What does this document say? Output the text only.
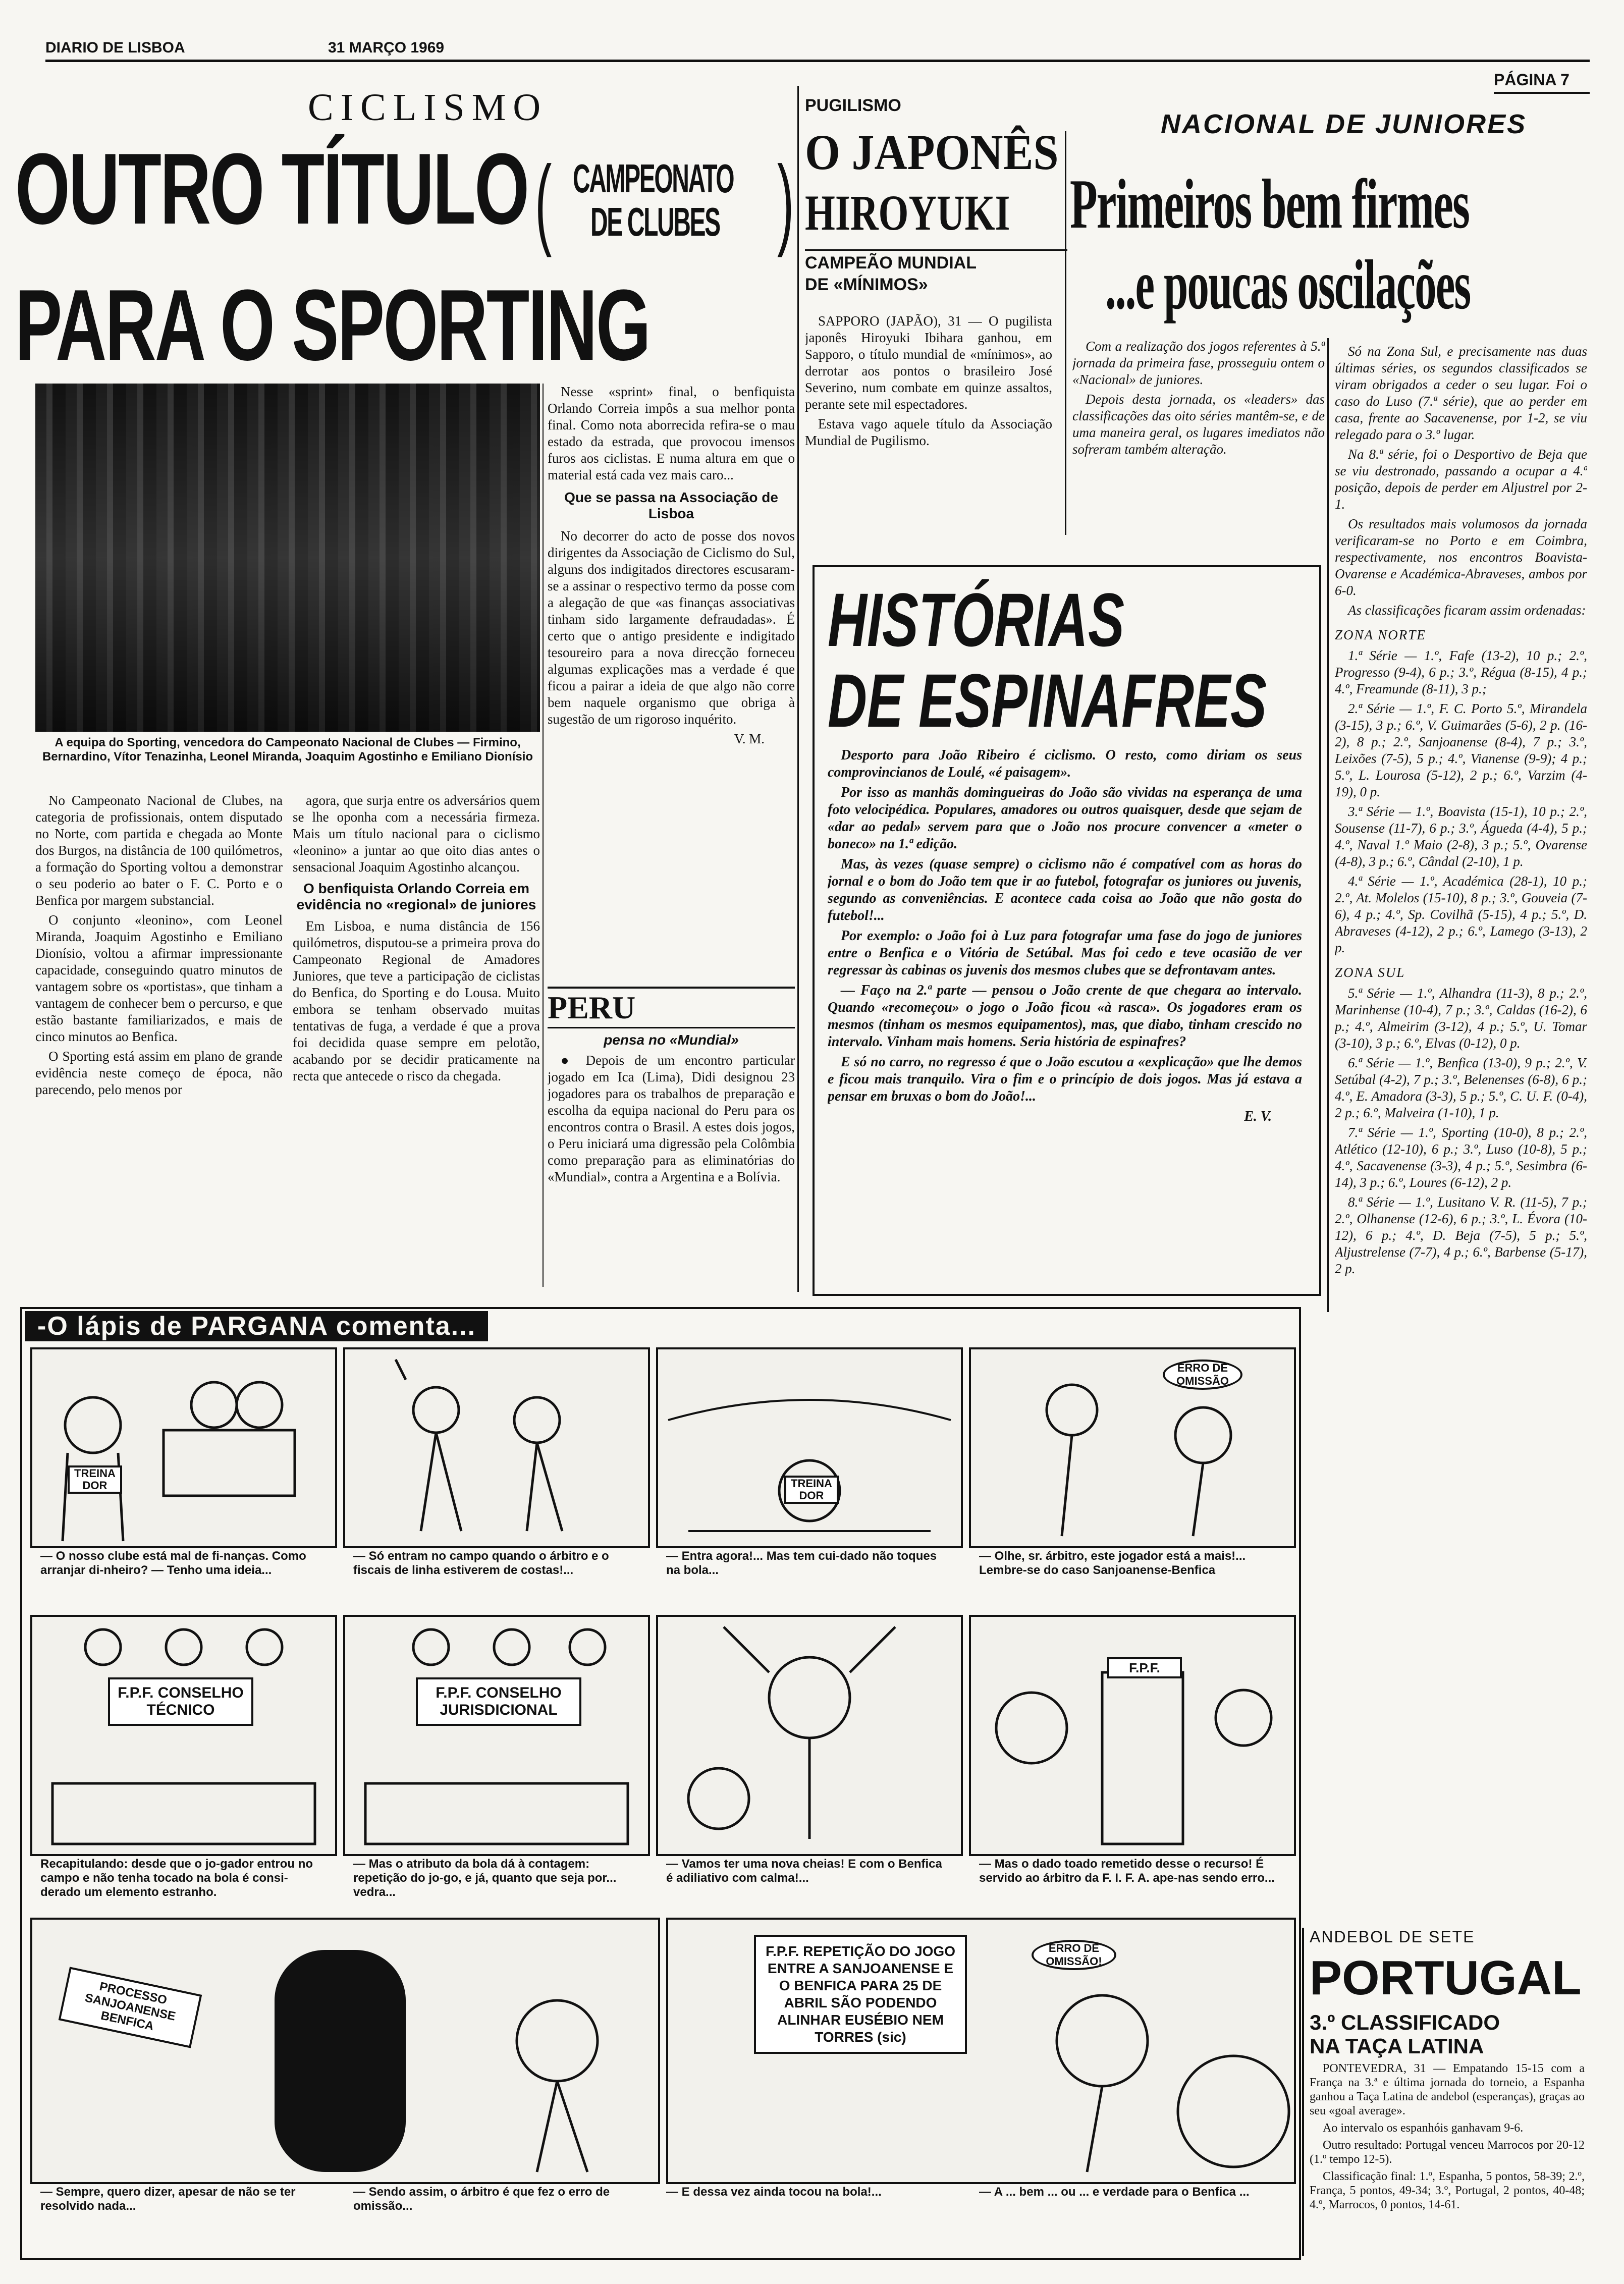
DIARIO DE LISBOA	31 MARÇO 1969
PÁGINA 7
CICLISMO
OUTRO TÍTULO CAMPEONATO
DE CLUBES
( )
PARA O SPORTING
A equipa do Sporting, vencedora do Campeonato Nacional de Clubes — Firmino, Bernardino, Vítor Tenazinha, Leonel Miranda, Joaquim Agostinho e Emiliano Dionísio

No Campeonato Nacional de Clubes, na categoria de profissionais, ontem disputado no Norte, com partida e chegada ao Monte dos Burgos, na distância de 100 quilómetros, a formação do Sporting voltou a demonstrar o seu poderio ao bater o F. C. Porto e o Benfica por margem substancial.

O conjunto «leonino», com Leonel Miranda, Joaquim Agostinho e Emiliano Dionísio, voltou a afirmar impressionante capacidade, conseguindo quatro minutos de vantagem sobre os «portistas», que tinham a vantagem de conhecer bem o percurso, e que estão bastante familiarizados, e mais de cinco minutos ao Benfica.

O Sporting está assim em plano de grande evidência neste começo de época, não parecendo, pelo menos por

agora, que surja entre os adversários quem se lhe oponha com a necessária firmeza. Mais um título nacional para o ciclismo «leonino» a juntar ao que oito dias antes o sensacional Joaquim Agostinho alcançou.

O benfiquista Orlando Correia em evidência no «regional» de juniores

Em Lisboa, e numa distância de 156 quilómetros, disputou-se a primeira prova do Campeonato Regional de Amadores Juniores, que teve a participação de ciclistas do Benfica, do Sporting e do Lousa. Muito embora se tenham observado muitas tentativas de fuga, a verdade é que a prova foi decidida quase sempre em pelotão, acabando por se decidir praticamente na recta que antecede o risco da chegada.

Nesse «sprint» final, o benfiquista Orlando Correia impôs a sua melhor ponta final. Como nota aborrecida refira-se o mau estado da estrada, que provocou imensos furos aos ciclistas. E numa altura em que o material está cada vez mais caro...

Que se passa na Associação de Lisboa

No decorrer do acto de posse dos novos dirigentes da Associação de Ciclismo do Sul, alguns dos indigitados directores escusaram-se a assinar o respectivo termo da posse com a alegação de que «as finanças associativas tinham sido largamente defraudadas». É certo que o antigo presidente e indigitado tesoureiro para a nova direcção forneceu algumas explicações mas a verdade é que ficou a pairar a ideia de que algo não corre bem naquele organismo que obriga à sugestão de um rigoroso inquérito.

V. M.
PERU
pensa no «Mundial»

● Depois de um encontro particular jogado em Ica (Lima), Didi designou 23 jogadores para os trabalhos de preparação e escolha da equipa nacional do Peru para os encontros contra o Brasil. A estes dois jogos, o Peru iniciará uma digressão pela Colômbia como preparação para as eliminatórias do «Mundial», contra a Argentina e a Bolívia.

PUGILISMO
O JAPONÊS
HIROYUKI
CAMPEÃO MUNDIAL
DE «MÍNIMOS»

SAPPORO (JAPÃO), 31 — O pugilista japonês Hiroyuki Ibihara ganhou, em Sapporo, o título mundial de «mínimos», ao derrotar aos pontos o brasileiro José Severino, num combate em quinze assaltos, perante sete mil espectadores.

Estava vago aquele título da Associação Mundial de Pugilismo.

NACIONAL DE JUNIORES
Primeiros bem firmes
...e poucas oscilações

Com a realização dos jogos referentes à 5.ª jornada da primeira fase, prosseguiu ontem o «Nacional» de juniores.

Depois desta jornada, os «leaders» das classificações das oito séries mantêm-se, e de uma maneira geral, os lugares imediatos não sofreram também alteração.

Só na Zona Sul, e precisamente nas duas últimas séries, os segundos classificados se viram obrigados a ceder o seu lugar. Foi o caso do Luso (7.ª série), que ao perder em casa, frente ao Sacavenense, por 1-2, se viu relegado para o 3.º lugar.

Na 8.ª série, foi o Desportivo de Beja que se viu destronado, passando a ocupar a 4.ª posição, depois de perder em Aljustrel por 2-1.

Os resultados mais volumosos da jornada verificaram-se no Porto e em Coimbra, respectivamente, nos encontros Boavista-Ovarense e Académica-Abraveses, ambos por 6-0.

As classificações ficaram assim ordenadas:

ZONA NORTE

1.ª Série — 1.º, Fafe (13-2), 10 p.; 2.º, Progresso (9-4), 6 p.; 3.º, Régua (8-15), 4 p.; 4.º, Freamunde (8-11), 3 p.;

2.ª Série — 1.º, F. C. Porto 5.º, Mirandela (3-15), 3 p.; 6.º, V. Guimarães (5-6), 2 p. (16-2), 8 p.; 2.º, Sanjoanense (8-4), 7 p.; 3.º, Leixões (7-5), 5 p.; 4.º, Vianense (9-9); 4 p.; 5.º, L. Lourosa (5-12), 2 p.; 6.º, Varzim (4-19), 0 p.

3.ª Série — 1.º, Boavista (15-1), 10 p.; 2.º, Sousense (11-7), 6 p.; 3.º, Águeda (4-4), 5 p.; 4.º, Naval 1.º Maio (2-8), 3 p.; 5.º, Ovarense (4-8), 3 p.; 6.º, Cândal (2-10), 1 p.

4.ª Série — 1.º, Académica (28-1), 10 p.; 2.º, At. Molelos (15-10), 8 p.; 3.º, Gouveia (7-6), 4 p.; 4.º, Sp. Covilhã (5-15), 4 p.; 5.º, D. Abraveses (4-12), 2 p.; 6.º, Lamego (3-13), 2 p.

ZONA SUL

5.ª Série — 1.º, Alhandra (11-3), 8 p.; 2.º, Marinhense (10-4), 7 p.; 3.º, Caldas (16-2), 6 p.; 4.º, Almeirim (3-12), 4 p.; 5.º, U. Tomar (3-10), 3 p.; 6.º, Elvas (0-12), 0 p.

6.ª Série — 1.º, Benfica (13-0), 9 p.; 2.º, V. Setúbal (4-2), 7 p.; 3.º, Belenenses (6-8), 6 p.; 4.º, E. Amadora (3-3), 5 p.; 5.º, C. U. F. (0-4), 2 p.; 6.º, Malveira (1-10), 1 p.

7.ª Série — 1.º, Sporting (10-0), 8 p.; 2.º, Atlético (12-10), 6 p.; 3.º, Luso (10-8), 5 p.; 4.º, Sacavenense (3-3), 4 p.; 5.º, Sesimbra (6-14), 3 p.; 6.º, Loures (6-12), 2 p.

8.ª Série — 1.º, Lusitano V. R. (11-5), 7 p.; 2.º, Olhanense (12-6), 6 p.; 3.º, L. Évora (10-12), 6 p.; 4.º, D. Beja (7-5), 5 p.; 5.º, Aljustrelense (7-7), 4 p.; 6.º, Barbense (5-17), 2 p.

HISTÓRIAS
DE ESPINAFRES

Desporto para João Ribeiro é ciclismo. O resto, como diriam os seus comprovincianos de Loulé, «é paisagem».

Por isso as manhãs domingueiras do João são vividas na esperança de uma foto velocipédica. Populares, amadores ou outros quaisquer, desde que sejam de «dar ao pedal» servem para que o João nos procure convencer a «meter o boneco» na 1.ª edição.

Mas, às vezes (quase sempre) o ciclismo não é compatível com as horas do jornal e o bom do João tem que ir ao futebol, fotografar os juniores ou juvenis, segundo as conveniências. E acontece cada coisa ao João que não gosta do futebol!...

Por exemplo: o João foi à Luz para fotografar uma fase do jogo de juniores entre o Benfica e o Vitória de Setúbal. Mas foi cedo e teve ocasião de ver regressar às cabinas os juvenis dos mesmos clubes que se defrontavam antes.

— Faço na 2.ª parte — pensou o João crente de que chegara ao intervalo. Quando «recomeçou» o jogo o João ficou «à rasca». Os jogadores eram os mesmos (tinham os mesmos equipamentos), mas, que diabo, tinham crescido no intervalo. Vinham mais homens. Seria história de espinafres?

E só no carro, no regresso é que o João escutou a «explicação» que lhe demos e ficou mais tranquilo. Vira o fim e o princípio de dois jogos. Mas já estava a pensar em bruxas o bom do João!...

E. V.
-O lápis de PARGANA comenta...
TREINA DOR	TREINA DOR
ERRO DE OMISSÃO
— O nosso clube está mal de fi-nanças. Como arranjar di-nheiro? — Tenho uma ideia...
— Só entram no campo quando o árbitro e o fiscais de linha estiverem de costas!...
— Entra agora!... Mas tem cui-dado não toques na bola...
— Olhe, sr. árbitro, este jogador está a mais!... Lembre-se do caso Sanjoanense-Benfica
F.P.F. CONSELHO TÉCNICO
F.P.F. CONSELHO JURISDICIONAL
F.P.F.
Recapitulando: desde que o jo-gador entrou no campo e não tenha tocado na bola é consi-derado um elemento estranho.
— Mas o atributo da bola dá à contagem: repetição do jo-go, e já, quanto que seja por... vedra...
— Vamos ter uma nova cheias! E com o Benfica é adiliativo com calma!...
— Mas o dado toado remetido desse o recurso! É servido ao árbitro da F. I. F. A. ape-nas sendo erro...
PROCESSO SANJOANENSE BENFICA
F.P.F. REPETIÇÃO DO JOGO ENTRE A SANJOANENSE E O BENFICA PARA 25 DE ABRIL SÃO PODENDO ALINHAR EUSÉBIO NEM TORRES (sic)
ERRO DE OMISSÃO!
— Sempre, quero dizer, apesar de não se ter resolvido nada...
— Sendo assim, o árbitro é que fez o erro de omissão...
— E dessa vez ainda tocou na bola!...	— A ... bem ... ou ... e verdade para o Benfica ...
ANDEBOL DE SETE
PORTUGAL
3.º CLASSIFICADO
NA TAÇA LATINA

PONTEVEDRA, 31 — Empatando 15-15 com a França na 3.ª e última jornada do torneio, a Espanha ganhou a Taça Latina de andebol (esperanças), graças ao seu «goal average».

Ao intervalo os espanhóis ganhavam 9-6.

Outro resultado: Portugal venceu Marrocos por 20-12 (1.º tempo 12-5).

Classificação final: 1.º, Espanha, 5 pontos, 58-39; 2.º, França, 5 pontos, 49-34; 3.º, Portugal, 2 pontos, 40-48; 4.º, Marrocos, 0 pontos, 14-61.
